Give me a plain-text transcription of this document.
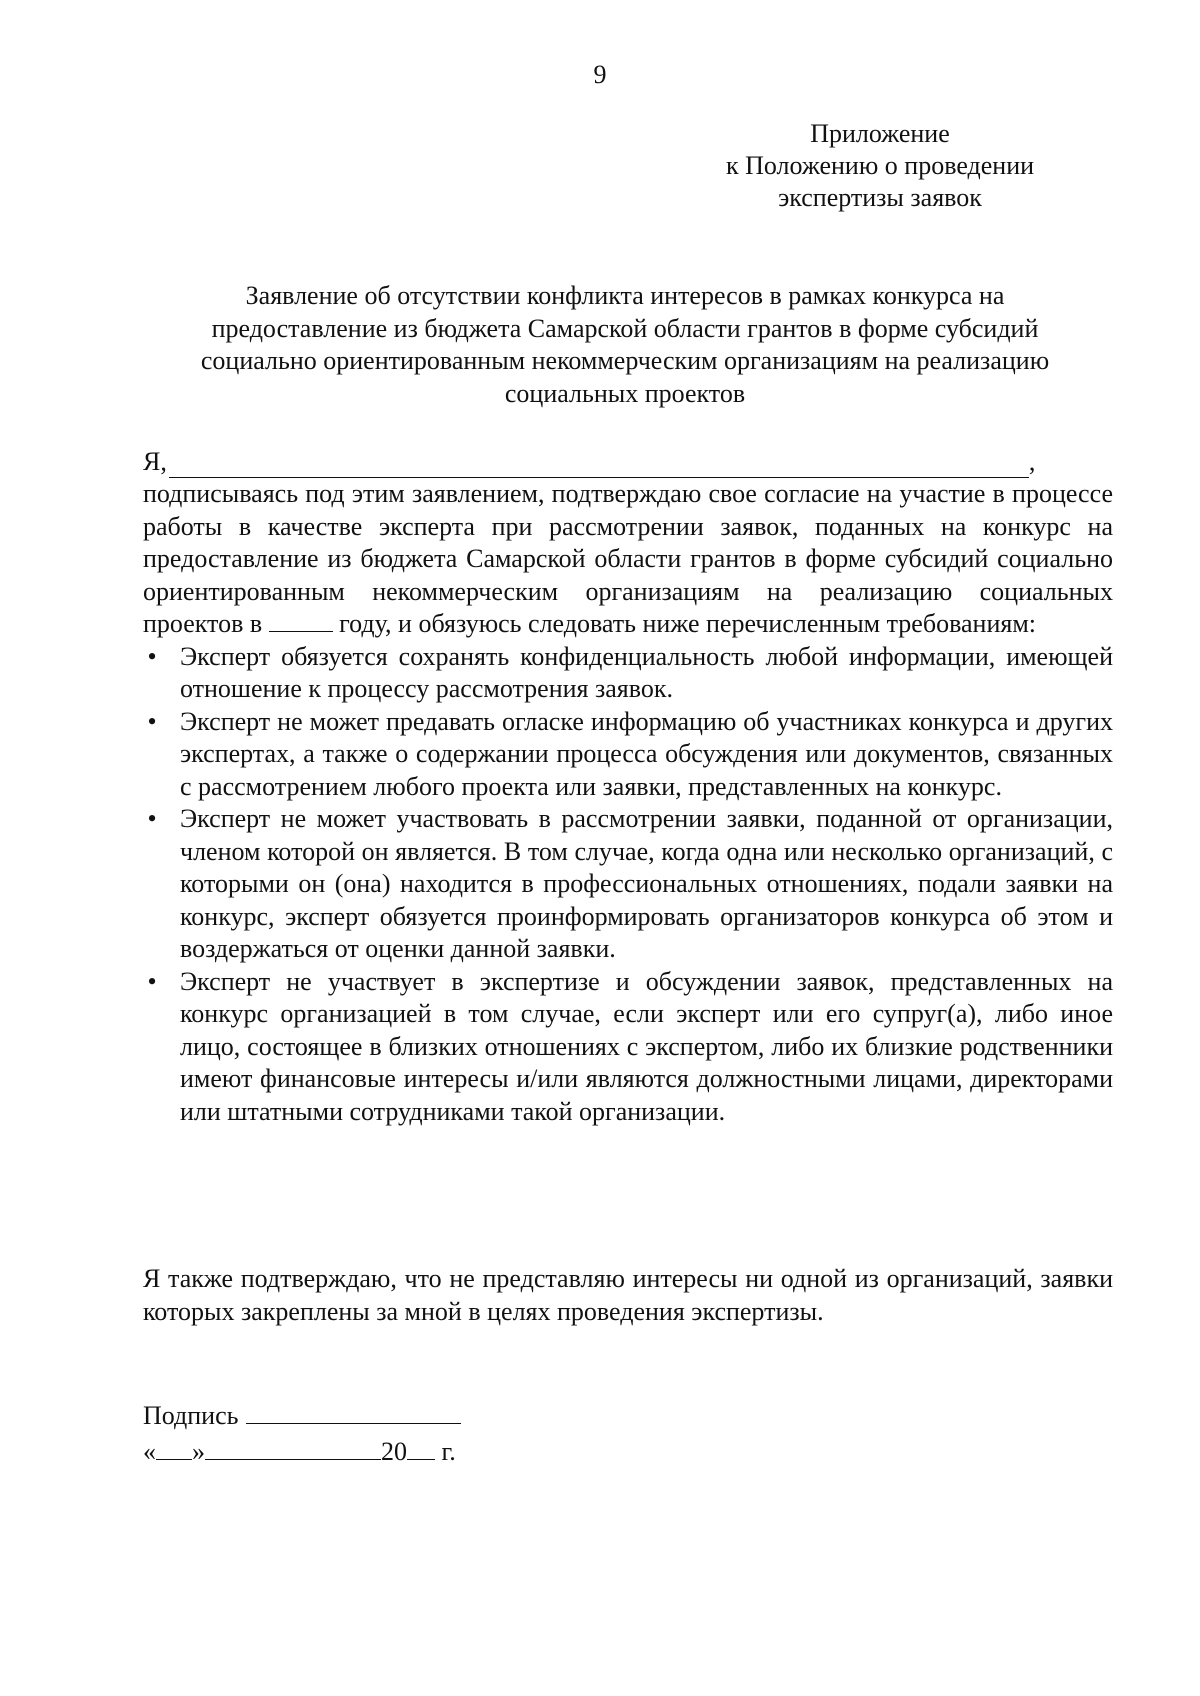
9
Приложение
к Положению о проведении
экспертизы заявок
Заявление об отсутствии конфликта интересов в рамках конкурса на
предоставление из бюджета Самарской области грантов в форме субсидий
социально ориентированным некоммерческим организациям на реализацию
социальных проектов
Я,	,
подписываясь под этим заявлением, подтверждаю свое согласие на участие в процессе работы в качестве эксперта при рассмотрении заявок, поданных на конкурс на предоставление из бюджета Самарской области грантов в форме субсидий социально ориентированным некоммерческим организациям на реализацию социальных проектов в	году, и обязуюсь следовать ниже перечисленным требованиям:
• Эксперт обязуется сохранять конфиденциальность любой информации, имеющей отношение к процессу рассмотрения заявок.
• Эксперт не может предавать огласке информацию об участниках конкурса и других экспертах, а также о содержании процесса обсуждения или документов, связанных с рассмотрением любого проекта или заявки, представленных на конкурс.
• Эксперт не может участвовать в рассмотрении заявки, поданной от организации, членом которой он является. В том случае, когда одна или несколько организаций, с которыми он (она) находится в профессиональных отношениях, подали заявки на конкурс, эксперт обязуется проинформировать организаторов конкурса об этом и воздержаться от оценки данной заявки.
• Эксперт не участвует в экспертизе и обсуждении заявок, представленных на конкурс организацией в том случае, если эксперт или его супруг(а), либо иное лицо, состоящее в близких отношениях с экспертом, либо их близкие родственники имеют финансовые интересы и/или являются должностными лицами, директорами или штатными сотрудниками такой организации.
Я также подтверждаю, что не представляю интересы ни одной из организаций, заявки которых закреплены за мной в целях проведения экспертизы.
Подпись
« »	20 г.
